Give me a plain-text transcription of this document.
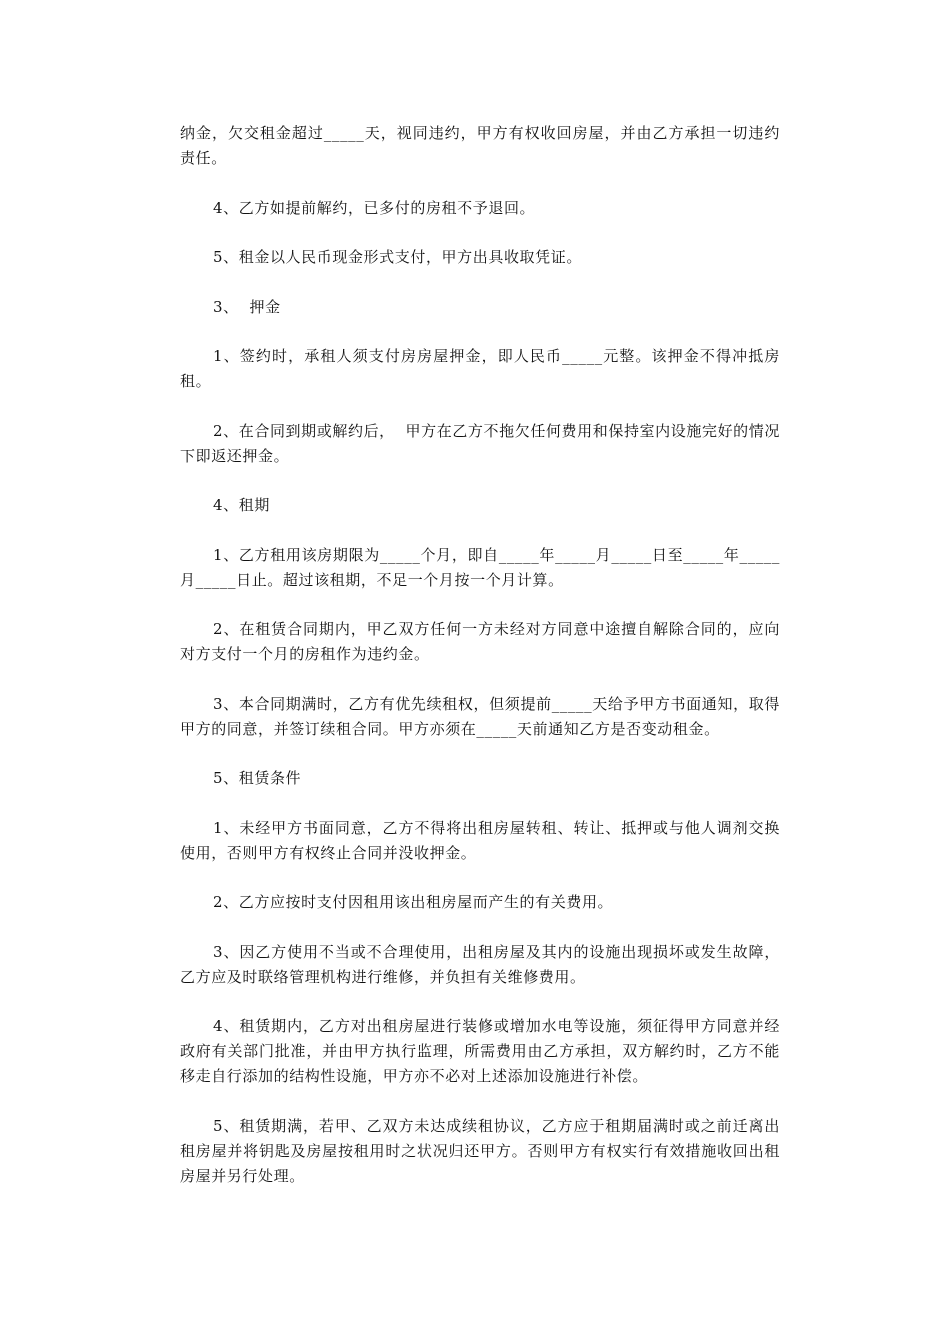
纳金，欠交租金超过_____天，视同违约，甲方有权收回房屋，并由乙方承担一切违约责任。

4、乙方如提前解约，已多付的房租不予退回。

5、租金以人民币现金形式支付，甲方出具收取凭证。

3、  押金

1、签约时，承租人须支付房房屋押金，即人民币_____元整。该押金不得冲抵房租。

2、在合同到期或解约后，  甲方在乙方不拖欠任何费用和保持室内设施完好的情况下即返还押金。

4、租期

1、乙方租用该房期限为_____个月，即自_____年_____月_____日至_____年_____月_____日止。超过该租期，不足一个月按一个月计算。

2、在租赁合同期内，甲乙双方任何一方未经对方同意中途擅自解除合同的，应向对方支付一个月的房租作为违约金。

3、本合同期满时，乙方有优先续租权，但须提前_____天给予甲方书面通知，取得甲方的同意，并签订续租合同。甲方亦须在_____天前通知乙方是否变动租金。

5、租赁条件

1、未经甲方书面同意，乙方不得将出租房屋转租、转让、抵押或与他人调剂交换使用，否则甲方有权终止合同并没收押金。

2、乙方应按时支付因租用该出租房屋而产生的有关费用。

3、因乙方使用不当或不合理使用，出租房屋及其内的设施出现损坏或发生故障，乙方应及时联络管理机构进行维修，并负担有关维修费用。

4、租赁期内，乙方对出租房屋进行装修或增加水电等设施，须征得甲方同意并经政府有关部门批准，并由甲方执行监理，所需费用由乙方承担，双方解约时，乙方不能移走自行添加的结构性设施，甲方亦不必对上述添加设施进行补偿。

5、租赁期满，若甲、乙双方未达成续租协议，乙方应于租期届满时或之前迁离出租房屋并将钥匙及房屋按租用时之状况归还甲方。否则甲方有权实行有效措施收回出租房屋并另行处理。
